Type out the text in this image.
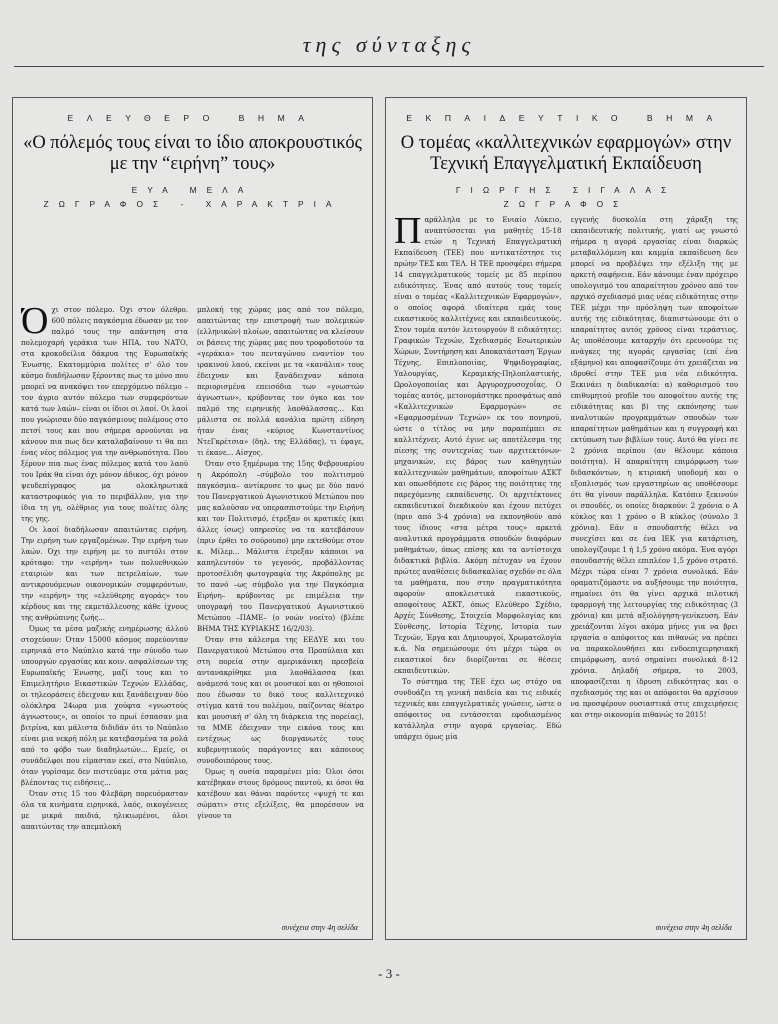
της σύνταξης
ΕΛΕΥΘΕΡΟ ΒΗΜΑ
«Ο πόλεμός τους είναι το ίδιο αποκρουστικός με την “ειρήνη” τους»
ΕΥΑ ΜΕΛΑ
ΖΩΓΡΑΦΟΣ - ΧΑΡΑΚΤΡΙΑ

Όχι στον πόλεμο. Όχι στον όλεθρο. 600 πόλεις παγκόσμια έδωσαν με τον παλμό τους την απάντηση στα πολεμοχαρή γεράκια των ΗΠΑ, του ΝΑΤΟ, στα κροκοδείλια δάκρυα της Ευρωπαϊκής Ένωσης. Εκατομμύρια πολίτες σ' όλο τον κόσμο διαδήλωσαν ξέροντας πως το μόνο που μπορεί να ανακόψει τον επερχόμενο πόλεμο –τον άγριο αυτόν πόλεμο των συμφερόντων κατά των λαών– είναι οι ίδιοι οι λαοί. Οι λαοί που γνώρισαν δύο παγκόσμιους πολέμους στο πετσί τους και που σήμερα αρνούνται να κάνουν πια πως δεν καταλαβαίνουν τι θα πει ένας νέος πόλεμος για την ανθρωπότητα. Που ξέρουν πια πως ένας πόλεμος κατά του λαού του Ιράκ θα είναι όχι μόνον άδικος, όχι μόνον ψευδεπίγραφος μα ολοκληρωτικά καταστροφικός για το περιβάλλον, για την ίδια τη γη, ολέθριος για τους πολίτες όλης της γης.

Οι λαοί διαδήλωσαν απαιτώντας ειρήνη. Την ειρήνη των εργαζομένων. Την ειρήνη των λαών. Όχι την ειρήνη με το πιστόλι στον κρόταφο: την «ειρήνη» των πολυεθνικών εταιριών και των πετρελαίων, των αντικρουόμενων οικονομικών συμφερόντων, την «ειρήνη» της «ελεύθερης αγοράς» του κέρδους και της εκμετάλλευσης κάθε ίχνους της ανθρώπινης ζωής...

Όμως τα μέσα μαζικής ενημέρωσης άλλού στοχεύουν: Όταν 15000 κόσμος πορεύονταν ειρηνικά στο Ναύπλιο κατά την σύνοδο των υπουργών εργασίας και κοιν. ασφαλίσεων της Ευρωπαϊκής Ένωσης, μαζί τους και το Επιμελητήριο Εικαστικών Τεχνών Ελλάδας, οι τηλεοράσεις έδειχναν και ξανάδειχναν δύο ολόκληρα 24ωρα μια χούφτα «γνωστούς άγνωστους», οι οποίοι το πρωί έσπασαν μια βιτρίνα, και μάλιστα διδιδάν ότι το Ναύπλιο είναι μια νεκρή πόλη με κατεβασμένα τα ρολά από το φόβο των διαδηλωτών... Εμείς, οι συνάδελφοι που είμασταν εκεί, στο Ναύπλιο, όταν γυρίσαμε δεν πιστεύαμε στα μάτια μας βλέποντας τις ειδήσεις...

Όταν στις 15 του Φλεβάρη πορευόμασταν όλα τα κινήματα ειρηνικά, λαός, οικογένειες με μικρά παιδιά, ηλικιωμένοι, όλοι απαιτώντας την απεμπλοκή

μπλοκή της χώρας μας από τον πόλεμο, απαιτώντας την επιστροφή των πολεμικών (ελληνικών) πλοίων, απαιτώντας να κλείσουν οι βάσεις της χώρας μας που τροφοδοτούν τα «γεράκια» του πενταγώνου εναντίον του ιρακινού λαού, εκείνοι με τα «κανάλια» τους έδειχναν και ξανάδειχναν κάποια περιορισμένα επεισόδια των «γνωστών άγνωστων», κρύβοντας τον όγκο και τον παλμό της ειρηνικής λαοθάλασσας... Και μάλιστα σε πολλά κανάλια πρώτη είδηση ήταν ένας «κύριος Κωνσταντίνος ΝτεΓκρέτσια» (δηλ. της Ελλάδας), τι έφαγε, τι έκανε... Αίσχος.

Όταν στο ξημέρωμα της 15ης Φεβρουαρίου η Ακρόπολη –σύμβολο του πολιτισμού παγκόσμια– αντίκρυσε το φως με δύο πανό του Πανεργατικού Αγωνιστικού Μετώπου που μας καλούσαν να υπερασπιστούμε την Ειρήνη και τον Πολιτισμό, έτρεξαν οι κρατικές (και άλλες ίσως) υπηρεσίες να τα κατεβάσουν (πριν έρθει το σούρουπο) μην εκτεθούμε στον κ. Μίλερ... Μάλιστα έτρεξαν κάποιοι να καπηλευτούν το γεγονός, προβάλλοντας προτοσέλιδη φωτογραφία της Ακρόπολης με το πανό –ως σύμβολο για την Παγκόσμια Ειρήνη– κρύβοντας με επιμέλεια την υπογραφή του Πανεργατικού Αγωνιστικού Μετώπου –ΠΑΜΕ– (ο νοών νοείτο) (βλέπε ΒΗΜΑ ΤΗΣ ΚΥΡΙΑΚΗΣ 16/2/03).

Όταν στο κάλεσμα της ΕΕΔΥΕ και του Πανεργατικού Μετώπου στα Προπύλαια και στη πορεία στην αμερικάνικη πρεσβεία αντανακρίθηκε μια λαοθάλασσα (και ανάμεσά τους και οι μουσικοί και οι ηθοποιοί που έδωσαν το δικό τους καλλιτεχνικό στίγμα κατά του πολέμου, παίζοντας θέατρο και μουσική σ' όλη τη διάρκεια της πορείας), τα ΜΜΕ έδειχναν την εικόνα τους και εντέχνως ως διοργανωτές τους κυβερνητικούς παράγοντες και κάποιους συνοδοιπόρους τους.

Όμως η ουσία παραμένει μία: Όλοι όσοι κατέβηκαν στους δρόμους παντού, κι όσοι θα κατέβουν και θάναι παρόντες «ψυχή τε και σώματι» στις εξελίξεις, θα μπορέσουν να γίνουν το

συνέχεια στην 4η σελίδα
ΕΚΠΑΙΔΕΥΤΙΚΟ ΒΗΜΑ
Ο τομέας «καλλιτεχνικών εφαρμογών» στην Τεχνική Επαγγελματική Εκπαίδευση
ΓΙΩΡΓΗΣ ΣΙΓΑΛΑΣ
ΖΩΓΡΑΦΟΣ

Παράλληλα με το Ενιαίο Λύκειο, αναπτύσσεται για μαθητές 15-18 ετών η Τεχνική Επαγγελματική Εκπαίδευση (ΤΕΕ) που αντικατέστησε τις πρώην ΤΕΣ και ΤΕΛ. Η ΤΕΕ προσφέρει σήμερα 14 επαγγελματικούς τομείς με 85 περίπου ειδικότητες. Ένας από αυτούς τους τομείς είναι ο τομέας «Καλλιτεχνικών Εφαρμογών», ο οποίος αφορά ιδιαίτερα εμάς τους εικαστικούς καλλιτέχνες και εκπαιδευτικούς. Στον τομέα αυτόν λειτουργούν 8 ειδικότητες: Γραφικών Τεχνών, Σχεδιασμός Εσωτερικών Χώρων, Συντήρηση και Αποκατάσταση Έργων Τέχνης, Επιπλοποιίας, Ψηφιδογραφίας, Υαλουργίας, Κεραμικής-Πηλοπλαστικής, Ωρολογοποιίας και Αργυροχρυσοχοΐας. Ο τομέας αυτός, μετονομάστηκε προσφάτως από «Καλλιτεχνικών Εφαρμογών» σε «Εφαρμοσμένων Τεχνών» εκ του πονηρού, ώστε ο τίτλος να μην παραπέμπει σε καλλιτέχνες. Αυτό έγινε ως αποτέλεσμα της πίεσης της συντεχνίας των αρχιτεκτόνων-μηχανικών, εις βάρος των καθηγητών καλλιτεχνικών μαθημάτων, αποφοίτων ΑΣΚΤ και οπωσδήποτε εις βάρος της ποιότητας της παρεχόμενης εκπαίδευσης. Οι αρχιτέκτονες εκπαιδευτικοί διεκδικούν και έχουν πετύχει (πριν από 3-4 χρόνια) να εκπονηθούν από τους ίδιους «στα μέτρα τους» αρκετά αναλυτικά προγράμματα σπουδών διαφόρων μαθημάτων, όπως επίσης και τα αντίστοιχα διδακτικά βιβλία. Ακόμη πέτυχαν να έχουν πρώτες αναθέσεις διδασκαλίας σχεδόν σε όλα τα μαθήματα, που στην πραγματικότητα αφορούν αποκλειστικά εικαστικούς, αποφοίτους ΑΣΚΤ, όπως Ελεύθερο Σχέδιο, Αρχές Σύνθεσης, Στοιχεία Μορφολογίας και Σύνθεσης, Ιστορία Τέχνης, Ιστορία των Τεχνών, Έργα και Δημιουργοί, Χρωματολογία κ.ά. Να σημειώσουμε ότι μέχρι τώρα οι εικαστικοί δεν διορίζονται σε θέσεις εκπαιδευτικών.

Το σύστημα της ΤΕΕ έχει ως στόχο να συνδυάζει τη γενική παιδεία και τις ειδικές τεχνικές και επαγγελματικές γνώσεις, ώστε ο απόφοιτος να εντάσσεται εφοδιασμένος κατάλληλα στην αγορά εργασίας. Εδώ υπάρχει όμως μία

εγγενής δυσκολία στη χάραξη της εκπαιδευτικής πολιτικής, γιατί ως γνωστό σήμερα η αγορά εργασίας είναι διαρκώς μεταβαλλόμενη και καμμία εκπαίδευση δεν μπορεί να προβλέψει την εξέλιξη της με αρκετή σαφήνεια. Εάν κάνουμε έναν πρόχειρο υπολογισμό του απαραίτητου χρόνου από τον αρχικό σχεδιασμό μιας νέας ειδικότητας στην ΤΕΕ μέχρι την πρόσληψη των αποφοίτων αυτής της ειδικότητας, διαπιστώνουμε ότι ο απαραίτητος αυτός χρόνος είναι τεράστιος. Ας υποθέσουμε καταρχήν ότι ερευνούμε τις ανάγκες της αγοράς εργασίας (επί ένα εξάμηνο) και αποφασίζουμε ότι χρειάζεται να ιδρυθεί στην ΤΕΕ μια νέα ειδικότητα. Ξεκινάει η διαδικασία: α) καθορισμού του επιθυμητού profile του αποφοίτου αυτής της ειδικότητας και β) της εκπόνησης των αναλυτικών προγραμμάτων σπουδών των απαραίτητων μαθημάτων και η συγγραφή και εκτύπωση των βιβλίων τους. Αυτό θα γίνει σε 2 χρόνια περίπου (αν θέλουμε κάποια ποιότητα). Η απαραίτητη επιμόρφωση των διδασκόντων, η κτιριακή υποδομή και ο εξοπλισμός των εργαστηρίων ας υποθέσουμε ότι θα γίνουν παράλληλα. Κατόπιν ξεκινούν οι σπουδές, οι οποίες διαρκούν: 2 χρόνια ο Α κύκλος και 1 χρόνο ο Β κύκλος (σύνολο 3 χρόνια). Εάν ο σπουδαστής θέλει να συνεχίσει και σε ένα ΙΕΚ για κατάρτιση, υπολογίζουμε 1 ή 1,5 χρόνο ακόμα. Ένα αγόρι σπουδαστής θέλει επιπλέον 1,5 χρόνο στρατό. Μέχρι τώρα είναι 7 χρόνια συνολικά. Εάν οραματιζόμαστε να αυξήσουμε την ποιότητα, σημαίνει ότι θα γίνει αρχικά πιλοτική εφαρμογή της λειτουργίας της ειδικότητας (3 χρόνια) και μετά αξιολόγηση-γενίκευση. Εάν χρειάζονται λίγοι ακόμα μήνες για να βρει εργασία ο απόφοιτος και πιθανώς να πρέπει να παρακολουθήσει και ενδοεπιχειρησιακή επιμόρφωση, αυτό σημαίνει συνολικά 8-12 χρόνια. Δηλαδή σήμερα, το 2003, αποφασίζεται η ίδρυση ειδικότητας και ο σχεδιασμός της και οι απόφοιτοι θα αρχίσουν να προσφέρουν ουσιαστικά στις επιχειρήσεις και στην οικονομία πιθανώς το 2015!

συνέχεια στην 4η σελίδα
- 3 -
